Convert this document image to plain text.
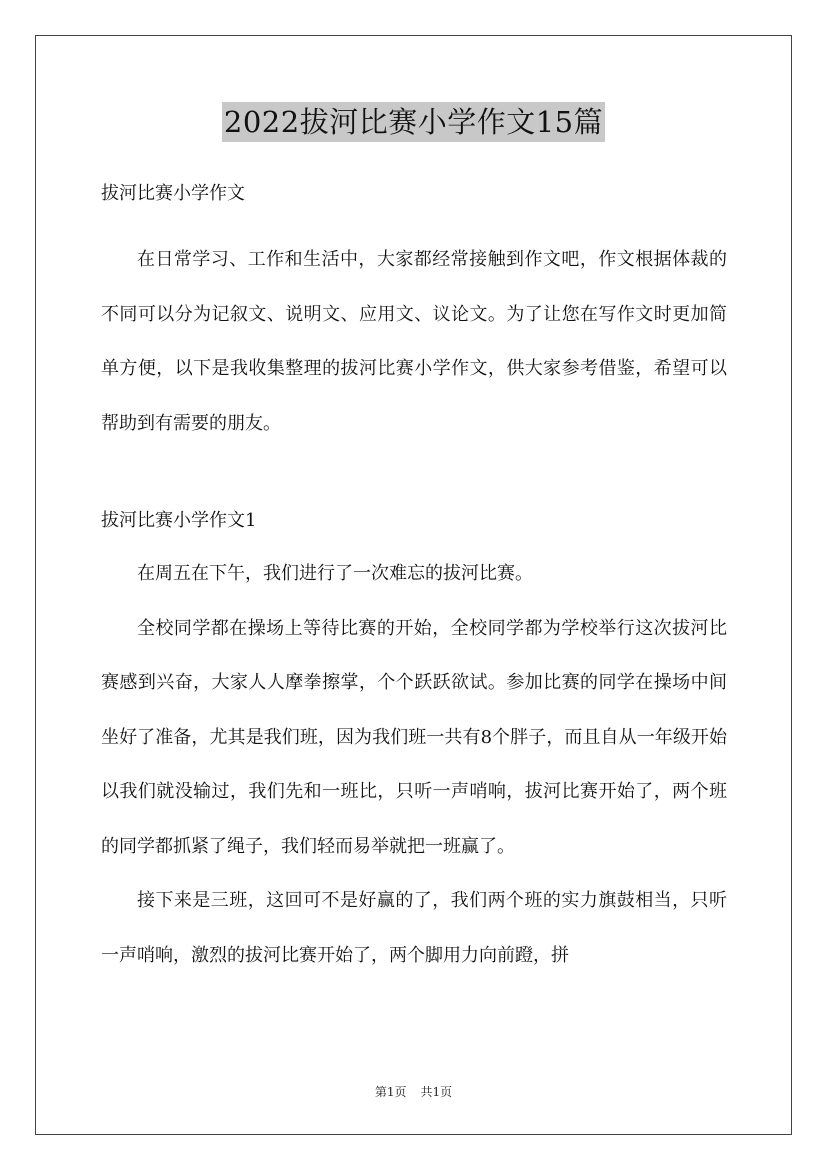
2022拔河比赛小学作文15篇

拔河比赛小学作文

在日常学习、工作和生活中，大家都经常接触到作文吧，作文根据体裁的不同可以分为记叙文、说明文、应用文、议论文。为了让您在写作文时更加简单方便，以下是我收集整理的拔河比赛小学作文，供大家参考借鉴，希望可以帮助到有需要的朋友。

拔河比赛小学作文1

在周五在下午，我们进行了一次难忘的拔河比赛。

全校同学都在操场上等待比赛的开始，全校同学都为学校举行这次拔河比赛感到兴奋，大家人人摩拳擦掌，个个跃跃欲试。参加比赛的同学在操场中间坐好了准备，尤其是我们班，因为我们班一共有8个胖子，而且自从一年级开始以我们就没输过，我们先和一班比，只听一声哨响，拔河比赛开始了，两个班的同学都抓紧了绳子，我们轻而易举就把一班赢了。

接下来是三班，这回可不是好赢的了，我们两个班的实力旗鼓相当，只听一声哨响，激烈的拔河比赛开始了，两个脚用力向前蹬，拼

第1页 共1页
